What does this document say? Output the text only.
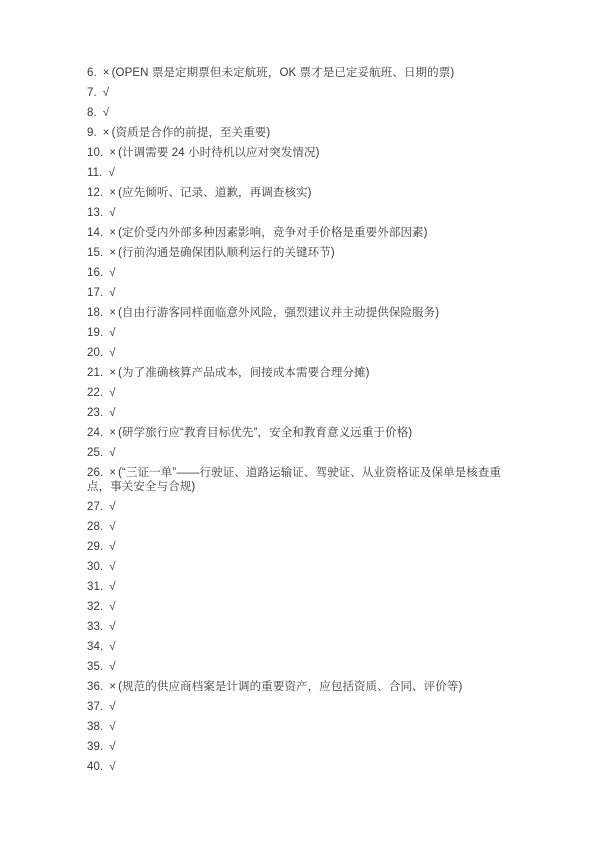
6. × (OPEN 票是定期票但未定航班，OK 票才是已定妥航班、日期的票)
7. √
8. √
9. × (资质是合作的前提，至关重要)
10. × (计调需要 24 小时待机以应对突发情况)
11. √
12. × (应先倾听、记录、道歉，再调查核实)
13. √
14. × (定价受内外部多种因素影响，竞争对手价格是重要外部因素)
15. × (行前沟通是确保团队顺利运行的关键环节)
16. √
17. √
18. × (自由行游客同样面临意外风险，强烈建议并主动提供保险服务)
19. √
20. √
21. × (为了准确核算产品成本，间接成本需要合理分摊)
22. √
23. √
24. × (研学旅行应“教育目标优先”，安全和教育意义远重于价格)
25. √
26. × (“三证一单”——行驶证、道路运输证、驾驶证、从业资格证及保单是核查重点，事关安全与合规)
27. √
28. √
29. √
30. √
31. √
32. √
33. √
34. √
35. √
36. × (规范的供应商档案是计调的重要资产，应包括资质、合同、评价等)
37. √
38. √
39. √
40. √
